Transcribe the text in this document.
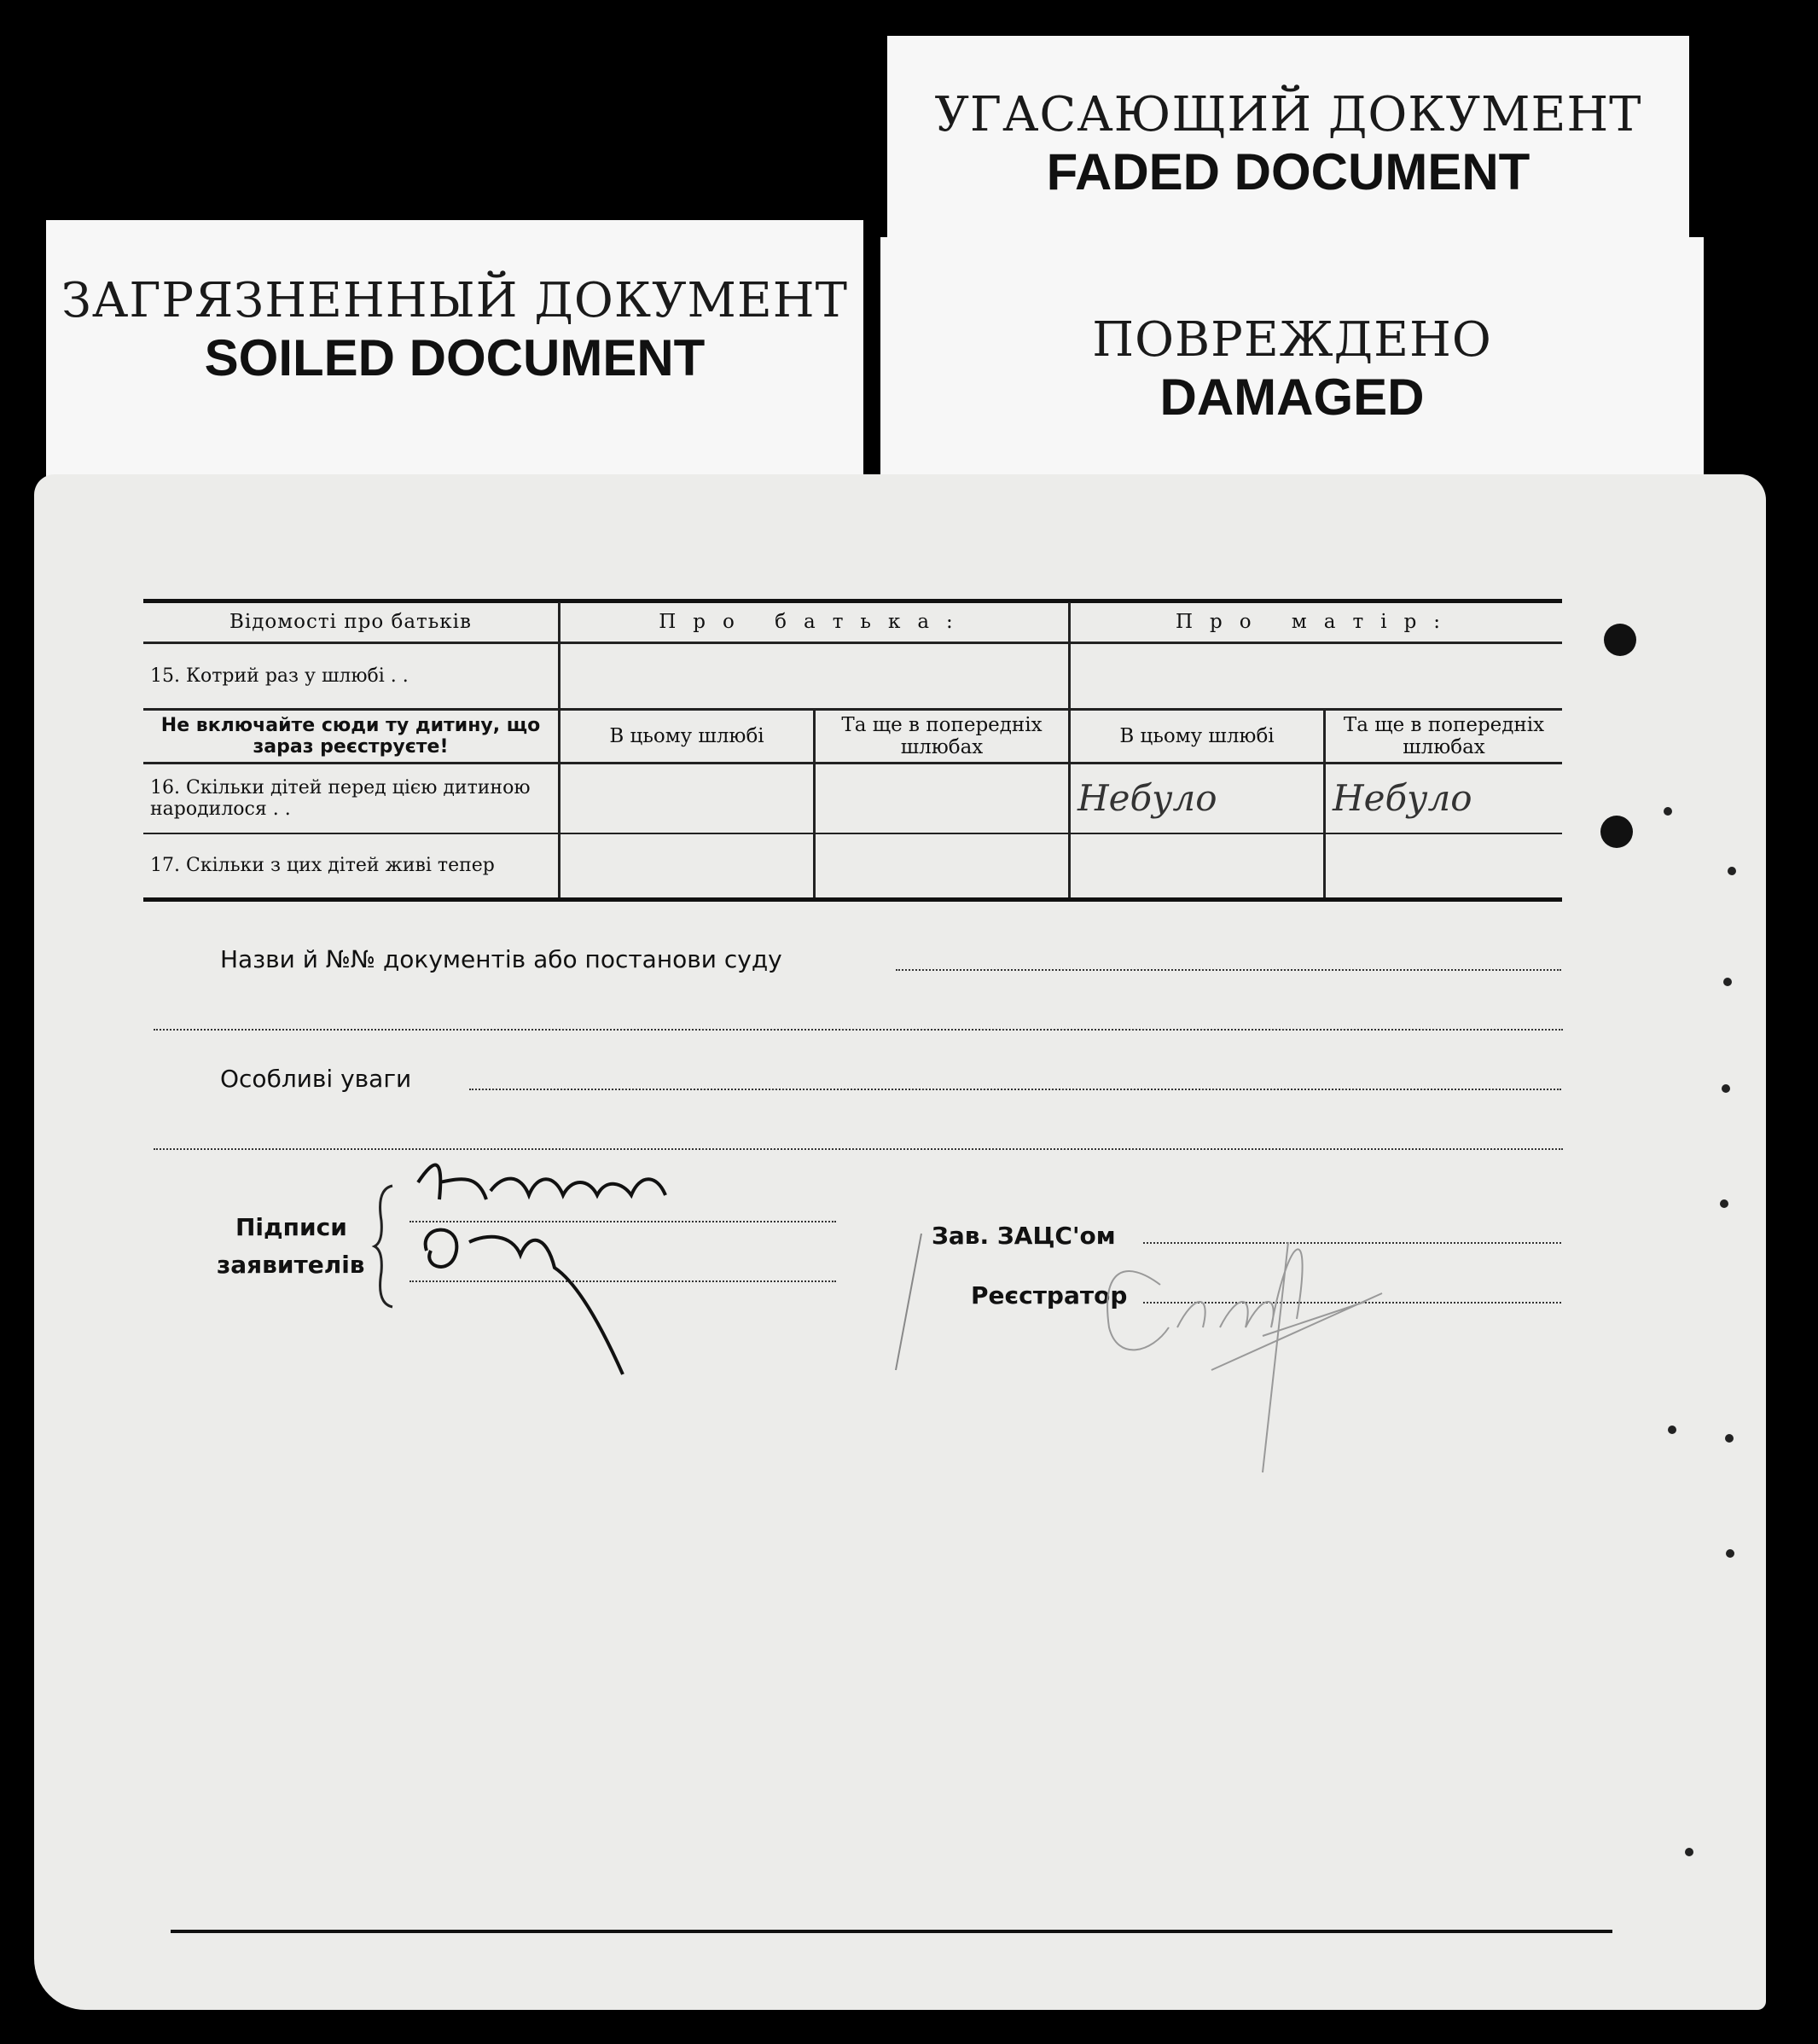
УГАСАЮЩИЙ ДОКУМЕНТ
FADED DOCUMENT
ЗАГРЯЗНЕННЫЙ ДОКУМЕНТ
SOILED DOCUMENT	ПОВРЕЖДЕНО
DAMAGED
Відомості про батьків	Про батька:		Про матір:	
15. Котрий раз у шлюбі . .				
Не включайте сюди ту дитину, що зараз реєструєте!	В цьому шлюбі	Та ще в попередніх шлюбах	В цьому шлюбі	Та ще в попередніх шлюбах
16. Скільки дітей перед цією дитиною народилося . .			Небуло	Небуло
17. Скільки з цих дітей живі тепер				
Назви й №№ документів або постанови суду
Особливі уваги
Підписи
заявителів
Зав. ЗАЦС'ом
Реєстратор
